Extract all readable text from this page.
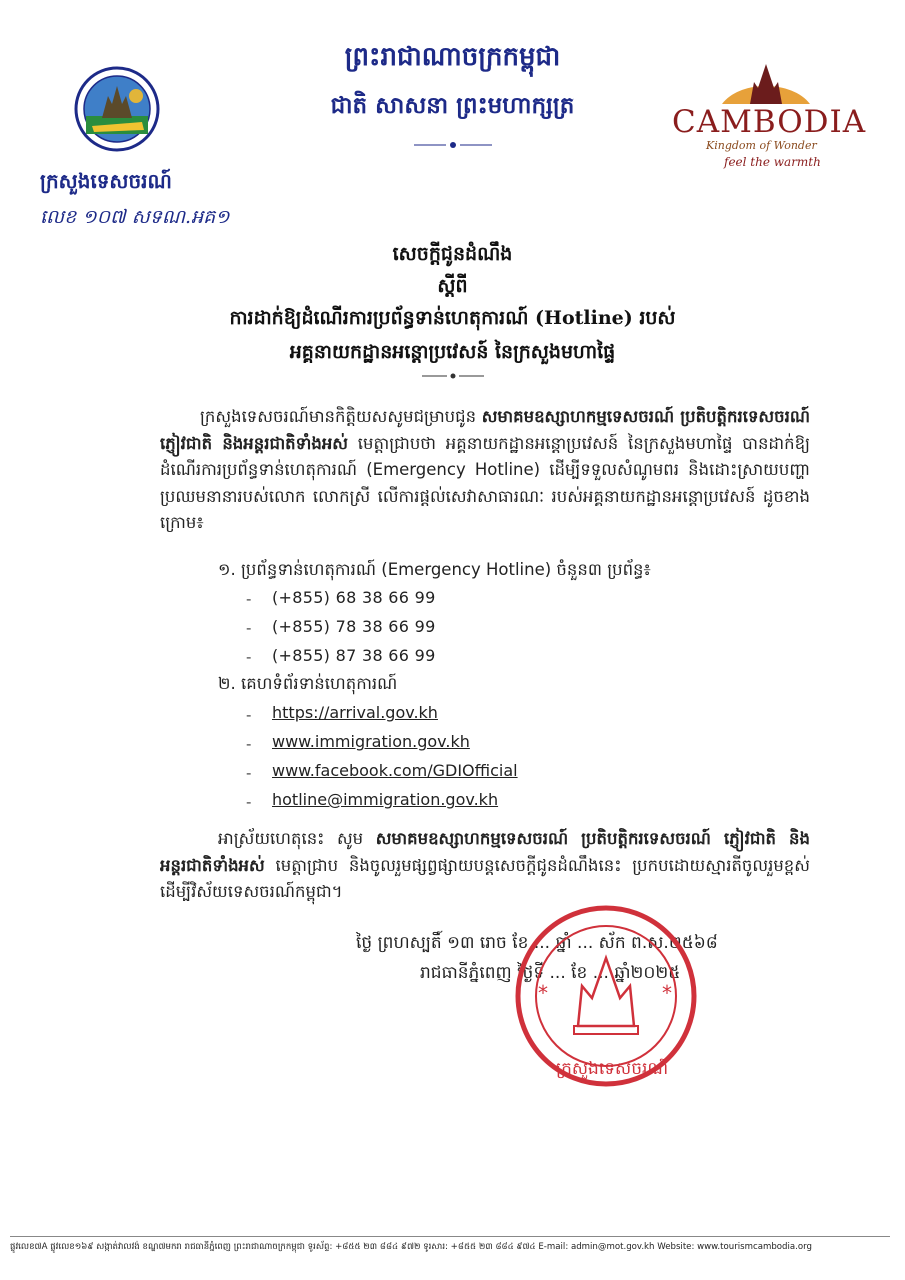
ព្រះរាជាណាចក្រកម្ពុជា
ជាតិ សាសនា ព្រះមហាក្សត្រ	CAMBODIA
Kingdom of Wonder
feel the warmth
ក្រសួងទេសចរណ៍
លេខ ១០៧ សទណ.អគ១
សេចក្តីជូនដំណឹង
ស្តីពី
ការដាក់ឱ្យដំណើរការប្រព័ន្ធទាន់ហេតុការណ៍ (Hotline) របស់
អគ្គនាយកដ្ឋានអន្តោប្រវេសន៍ នៃក្រសួងមហាផ្ទៃ
ក្រសួងទេសចរណ៍មានកិត្តិយសសូមជម្រាបជូន សមាគមឧស្សាហកម្មទេសចរណ៍ ប្រតិបត្តិករទេសចរណ៍ ភ្ញៀវជាតិ និងអន្តរជាតិទាំងអស់ មេត្តាជ្រាបថា អគ្គនាយកដ្ឋានអន្តោប្រវេសន៍ នៃក្រសួងមហាផ្ទៃ បានដាក់ឱ្យដំណើរការប្រព័ន្ធទាន់ហេតុការណ៍ (Emergency Hotline) ដើម្បីទទួលសំណូមពរ និងដោះស្រាយបញ្ហាប្រឈមនានារបស់លោក លោកស្រី លើការផ្តល់សេវាសាធារណៈ របស់អគ្គនាយកដ្ឋានអន្តោប្រវេសន៍ ដូចខាងក្រោម៖
១. ប្រព័ន្ធទាន់ហេតុការណ៍ (Emergency Hotline) ចំនួន៣ ប្រព័ន្ធ៖
- (+855) 68 38 66 99
- (+855) 78 38 66 99
- (+855) 87 38 66 99
២. គេហទំព័រទាន់ហេតុការណ៍
- https://arrival.gov.kh
- www.immigration.gov.kh
- www.facebook.com/GDIOfficial
- hotline@immigration.gov.kh
អាស្រ័យហេតុនេះ សូម សមាគមឧស្សាហកម្មទេសចរណ៍ ប្រតិបត្តិករទេសចរណ៍ ភ្ញៀវជាតិ និងអន្តរជាតិទាំងអស់ មេត្តាជ្រាប និងចូលរួមផ្សព្វផ្សាយបន្តសេចក្តីជូនដំណឹងនេះ ប្រកបដោយស្មារតីចូលរួមខ្ពស់ ដើម្បីវិស័យទេសចរណ៍កម្ពុជា។
ថ្ងៃ ព្រហស្បតិ៍ ១៣ រោច ខែ ... ឆ្នាំ ... ស័ក ព.ស.២៥៦៨
រាជធានីភ្នំពេញ ថ្ងៃទី ... ខែ ... ឆ្នាំ២០២៥
*	*
ក្រសួងទេសចរណ៍
ផ្លូវលេខ៧A ផ្លូវលេខ១៦៩ សង្កាត់វាលវង់ ខណ្ឌ៧មករា រាជធានីភ្នំពេញ ព្រះរាជាណាចក្រកម្ពុជា ទូរស័ព្ទ: +៨៥៥ ២៣ ៨៨៤ ៩៧២ ទូរសារ: +៨៥៥ ២៣ ៨៨៤ ៩៧៤ E-mail: admin@mot.gov.kh Website: www.tourismcambodia.org
